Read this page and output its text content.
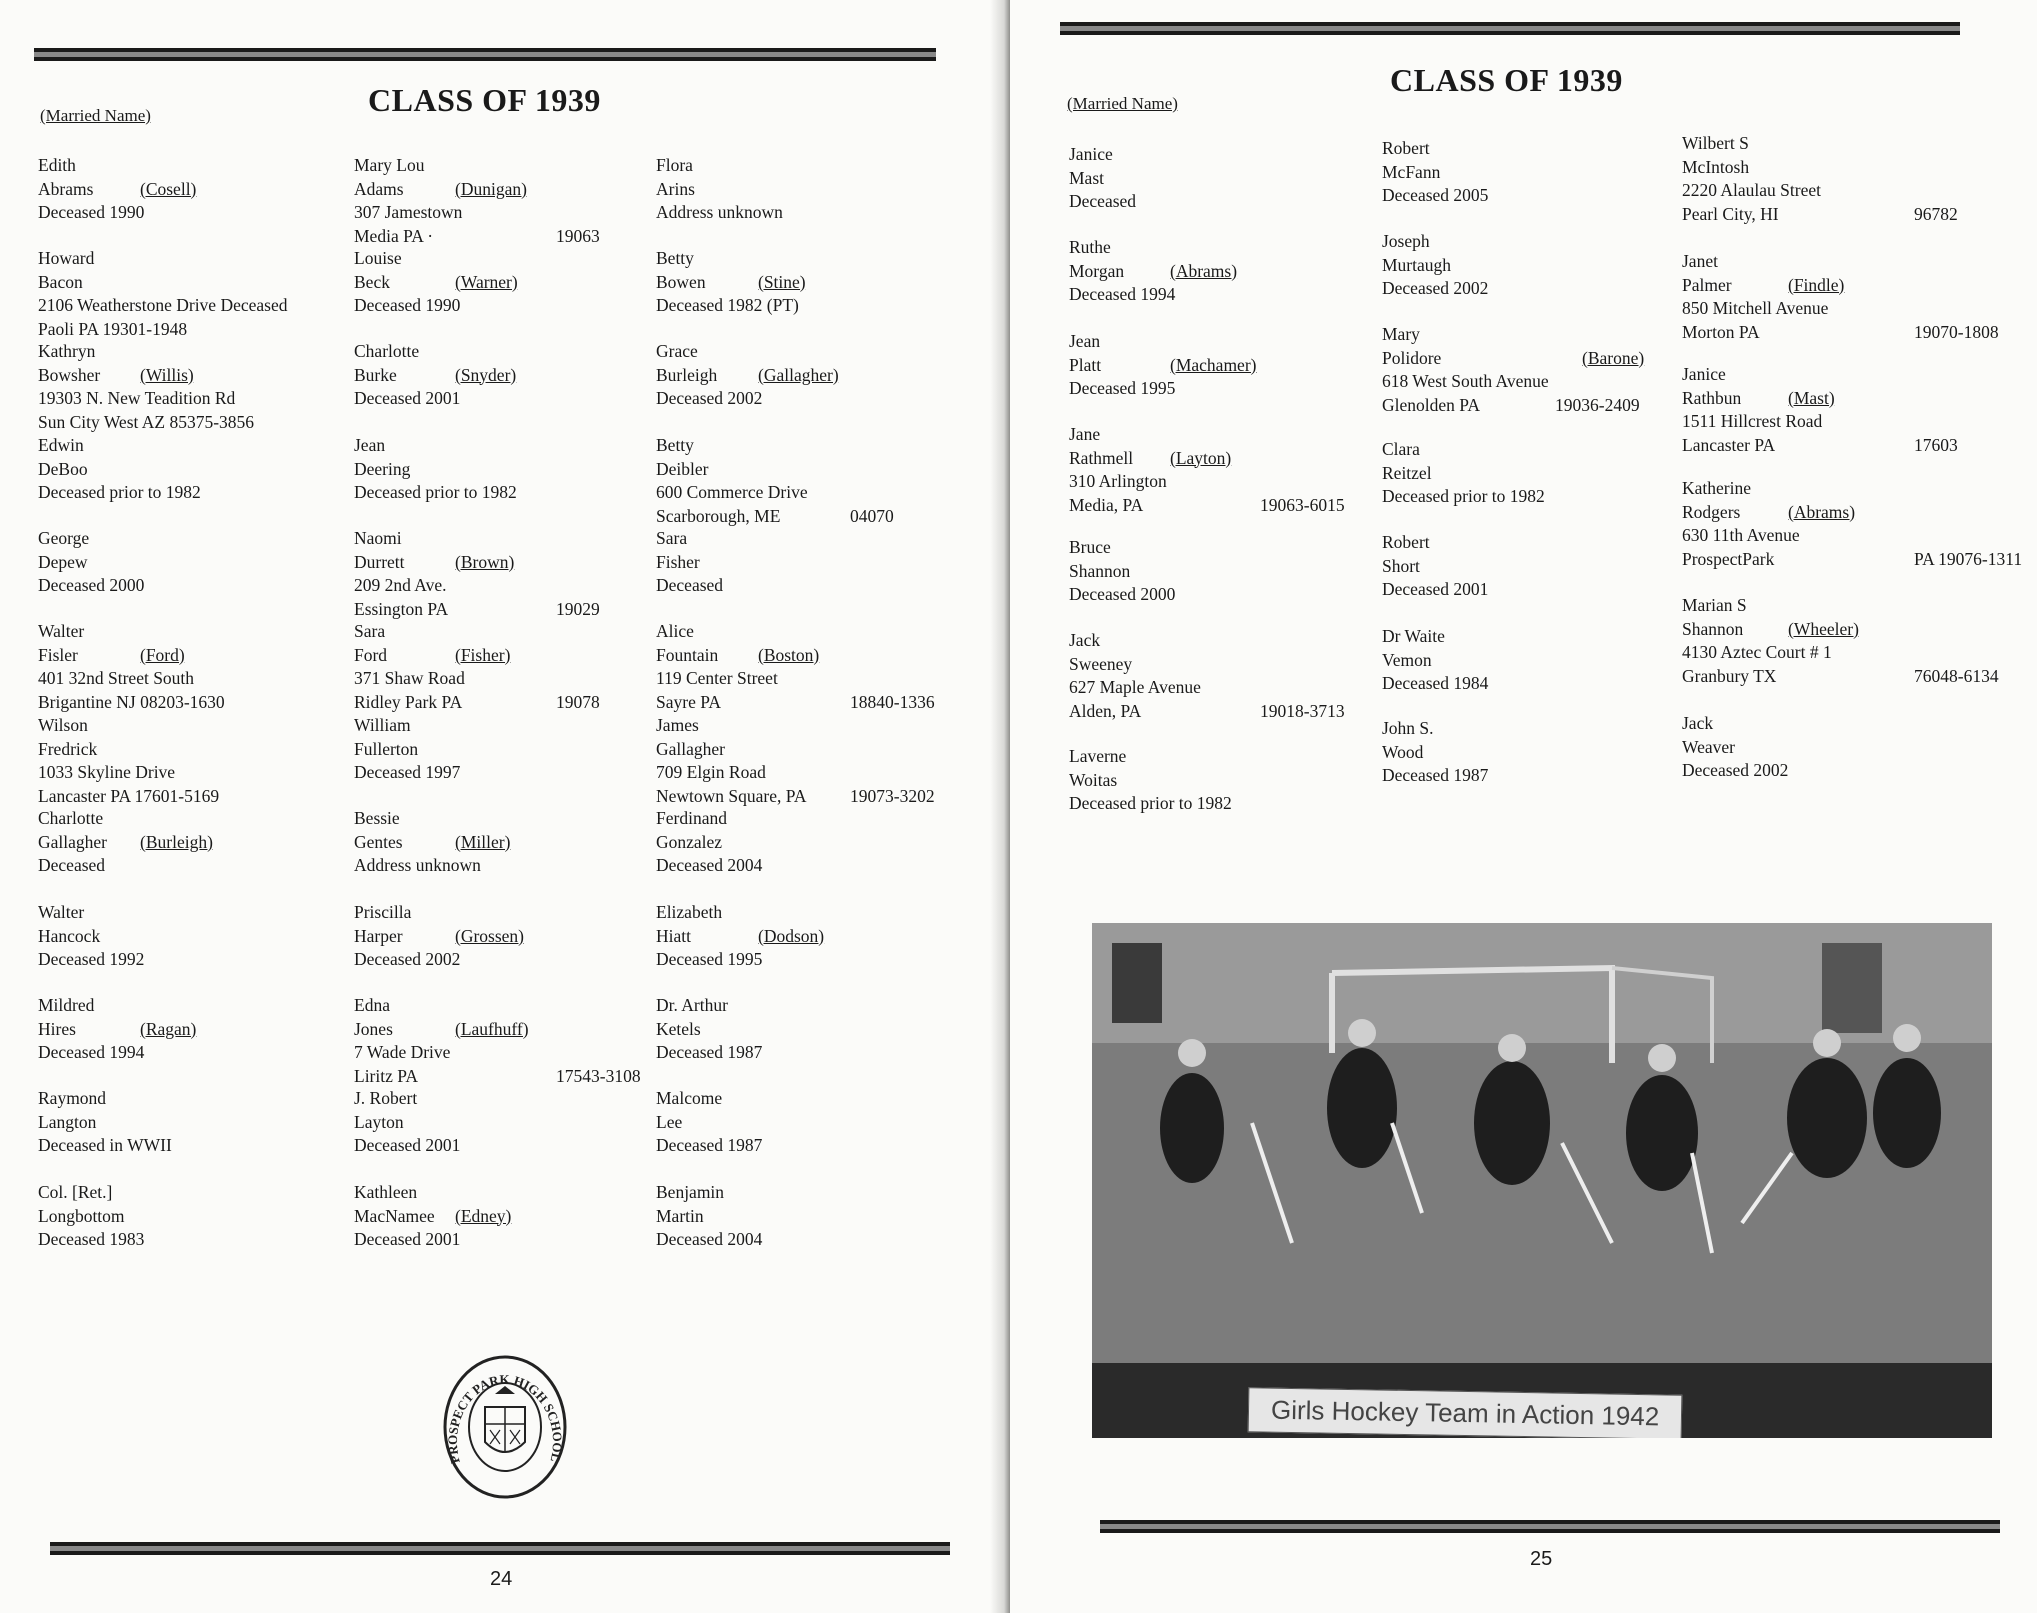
CLASS OF 1939
(Married Name)
Edith
Abrams	(Cosell)
Deceased 1990
Howard
Bacon
2106 Weatherstone Drive Deceased
Paoli PA 19301-1948
Kathryn
Bowsher (Willis)
19303 N. New Teadition Rd
Sun City West AZ 85375-3856
Edwin
DeBoo
Deceased prior to 1982
George
Depew
Deceased 2000
Walter
Fisler	(Ford)
401 32nd Street South
Brigantine NJ 08203-1630
Wilson
Fredrick
1033 Skyline Drive
Lancaster PA 17601-5169
Charlotte
Gallagher (Burleigh)
Deceased
Walter
Hancock
Deceased 1992
Mildred
Hires	(Ragan)
Deceased 1994
Raymond
Langton
Deceased in WWII
Col. [Ret.]
Longbottom
Deceased 1983
Mary Lou
Adams	(Dunigan)
307 Jamestown
Media PA ·	19063
Louise
Beck	(Warner)
Deceased 1990
Charlotte
Burke	(Snyder)
Deceased 2001
Jean
Deering
Deceased prior to 1982
Naomi
Durrett	(Brown)
209 2nd Ave.
Essington PA	19029
Sara
Ford	(Fisher)
371 Shaw Road
Ridley Park PA	19078
William
Fullerton
Deceased 1997
Bessie
Gentes	(Miller)
Address unknown
Priscilla
Harper	(Grossen)
Deceased 2002
Edna
Jones	(Laufhuff)
7 Wade Drive
Liritz PA	17543-3108
J. Robert
Layton
Deceased 2001
Kathleen
MacNamee (Edney)
Deceased 2001
Flora
Arins
Address unknown
Betty
Bowen	(Stine)
Deceased 1982 (PT)
Grace
Burleigh (Gallagher)
Deceased 2002
Betty
Deibler
600 Commerce Drive
Scarborough, ME	04070
Sara
Fisher
Deceased
Alice
Fountain (Boston)
119 Center Street
Sayre PA	18840-1336
James
Gallagher
709 Elgin Road
Newtown Square, PA 19073-3202
Ferdinand
Gonzalez
Deceased 2004
Elizabeth
Hiatt	(Dodson)
Deceased 1995
Dr. Arthur
Ketels
Deceased 1987
Malcome
Lee
Deceased 1987
Benjamin
Martin
Deceased 2004
PROSPECT PARK HIGH SCHOOL
24
CLASS OF 1939
(Married Name)
Janice
Mast
Deceased
Ruthe
Morgan	(Abrams)
Deceased 1994
Jean
Platt	(Machamer)
Deceased 1995
Jane
Rathmell (Layton)
310 Arlington
Media, PA	19063-6015
Bruce
Shannon
Deceased 2000
Jack
Sweeney
627 Maple Avenue
Alden, PA	19018-3713
Laverne
Woitas
Deceased prior to 1982
Robert
McFann
Deceased 2005
Joseph
Murtaugh
Deceased 2002
Mary
Polidore	(Barone)
618 West South Avenue
Glenolden PA	19036-2409
Clara
Reitzel
Deceased prior to 1982
Robert
Short
Deceased 2001
Dr Waite
Vemon
Deceased 1984
John S.
Wood
Deceased 1987
Wilbert S
McIntosh
2220 Alaulau Street
Pearl City, HI	96782
Janet
Palmer	(Findle)
850 Mitchell Avenue
Morton PA	19070-1808
Janice
Rathbun	(Mast)
1511 Hillcrest Road
Lancaster PA	17603
Katherine
Rodgers	(Abrams)
630 11th Avenue
ProspectPark	PA 19076-1311
Marian S
Shannon	(Wheeler)
4130 Aztec Court # 1
Granbury TX	76048-6134
Jack
Weaver
Deceased 2002
25
Girls Hockey Team in Action 1942
